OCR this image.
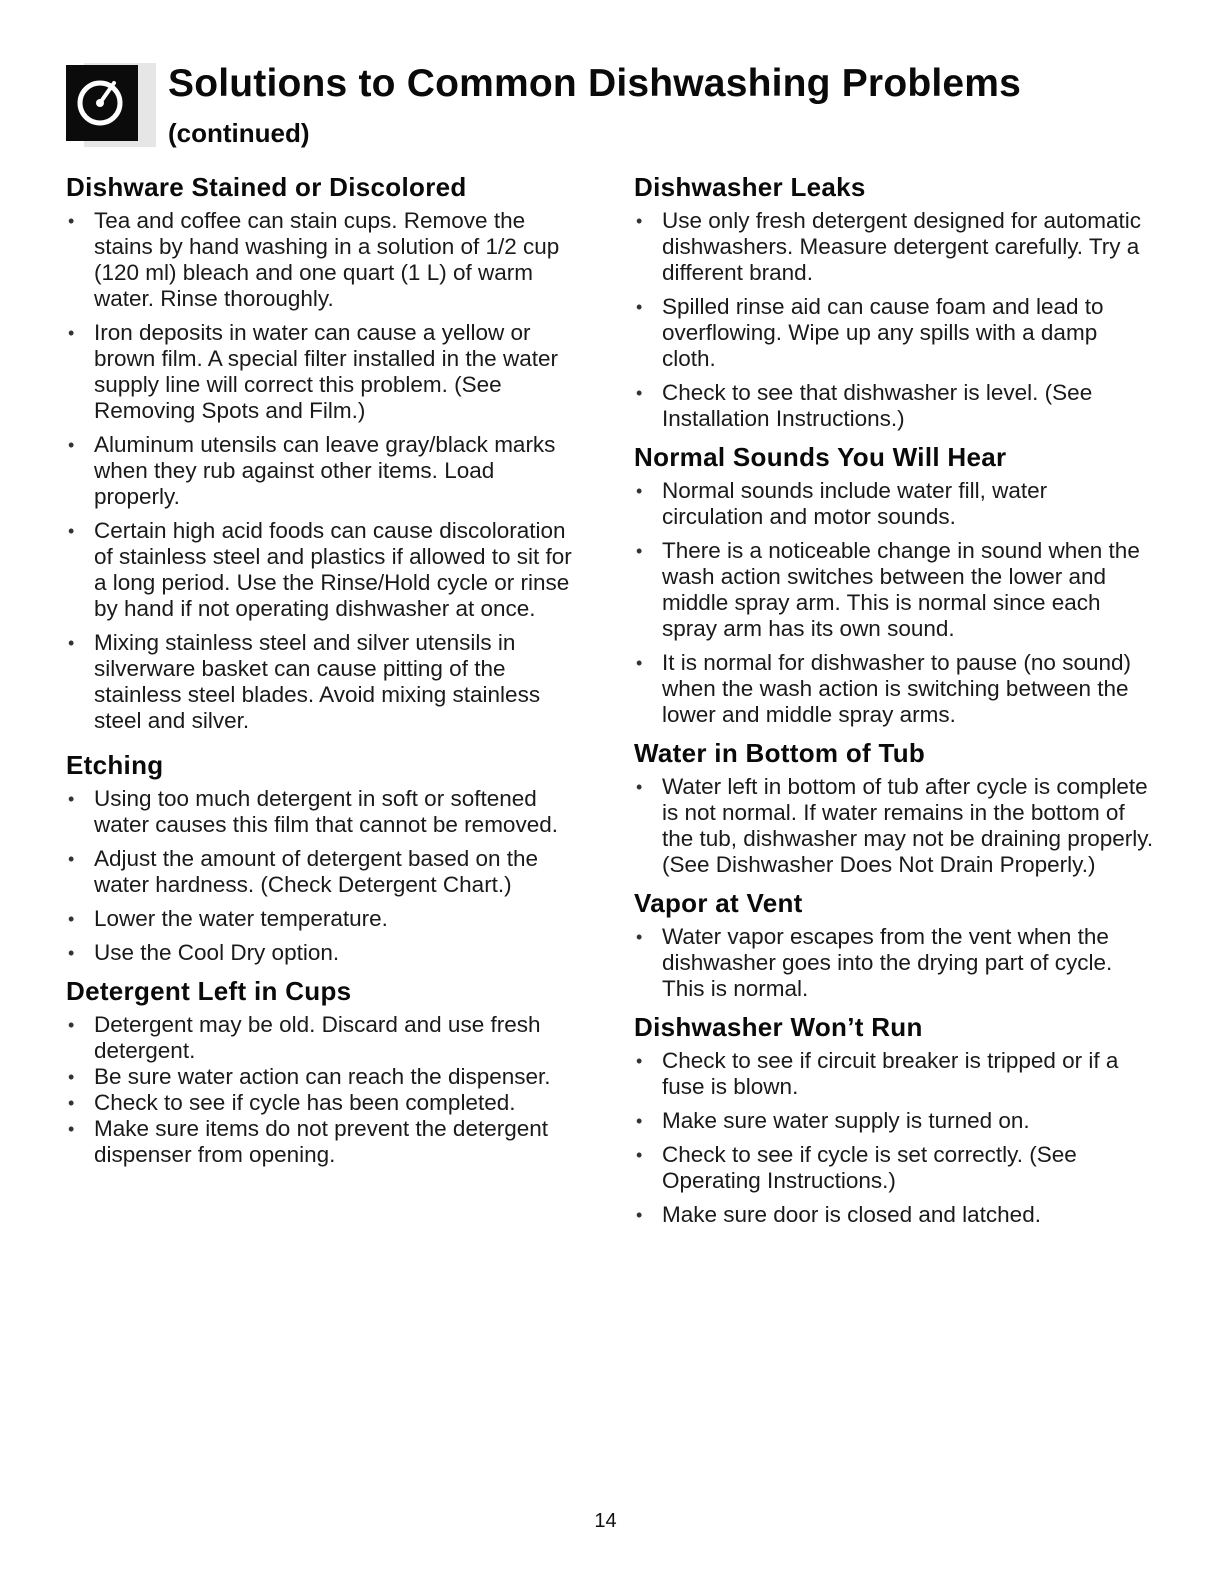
Solutions to Common Dishwashing Problems
(continued)
Dishware Stained or Discolored
• Tea and coffee can stain cups. Remove the stains by hand washing in a solution of 1/2 cup (120 ml) bleach and one quart (1 L) of warm water. Rinse thoroughly.
• Iron deposits in water can cause a yellow or brown film. A special filter installed in the water supply line will correct this problem. (See Removing Spots and Film.)
• Aluminum utensils can leave gray/black marks when they rub against other items. Load properly.
• Certain high acid foods can cause discoloration of stainless steel and plastics if allowed to sit for a long period. Use the Rinse/Hold cycle or rinse by hand if not operating dishwasher at once.
• Mixing stainless steel and silver utensils in silverware basket can cause pitting of the stainless steel blades. Avoid mixing stainless steel and silver.
Etching
• Using too much detergent in soft or softened water causes this film that cannot be removed.
• Adjust the amount of detergent based on the water hardness. (Check Detergent Chart.)
• Lower the water temperature.
• Use the Cool Dry option.
Detergent Left in Cups
• Detergent may be old. Discard and use fresh detergent.
• Be sure water action can reach the dispenser.
• Check to see if cycle has been completed.
• Make sure items do not prevent the detergent dispenser from opening.
Dishwasher Leaks
• Use only fresh detergent designed for automatic dishwashers. Measure detergent carefully. Try a different brand.
• Spilled rinse aid can cause foam and lead to overflowing. Wipe up any spills with a damp cloth.
• Check to see that dishwasher is level. (See Installation Instructions.)
Normal Sounds You Will Hear
• Normal sounds include water fill, water circulation and motor sounds.
• There is a noticeable change in sound when the wash action switches between the lower and middle spray arm. This is normal since each spray arm has its own sound.
• It is normal for dishwasher to pause (no sound) when the wash action is switching between the lower and middle spray arms.
Water in Bottom of Tub
• Water left in bottom of tub after cycle is complete is not normal. If water remains in the bottom of the tub, dishwasher may not be draining properly. (See Dishwasher Does Not Drain Properly.)
Vapor at Vent
• Water vapor escapes from the vent when the dishwasher goes into the drying part of cycle. This is normal.
Dishwasher Won’t Run
• Check to see if circuit breaker is tripped or if a fuse is blown.
• Make sure water supply is turned on.
• Check to see if cycle is set correctly. (See Operating Instructions.)
• Make sure door is closed and latched.
14
